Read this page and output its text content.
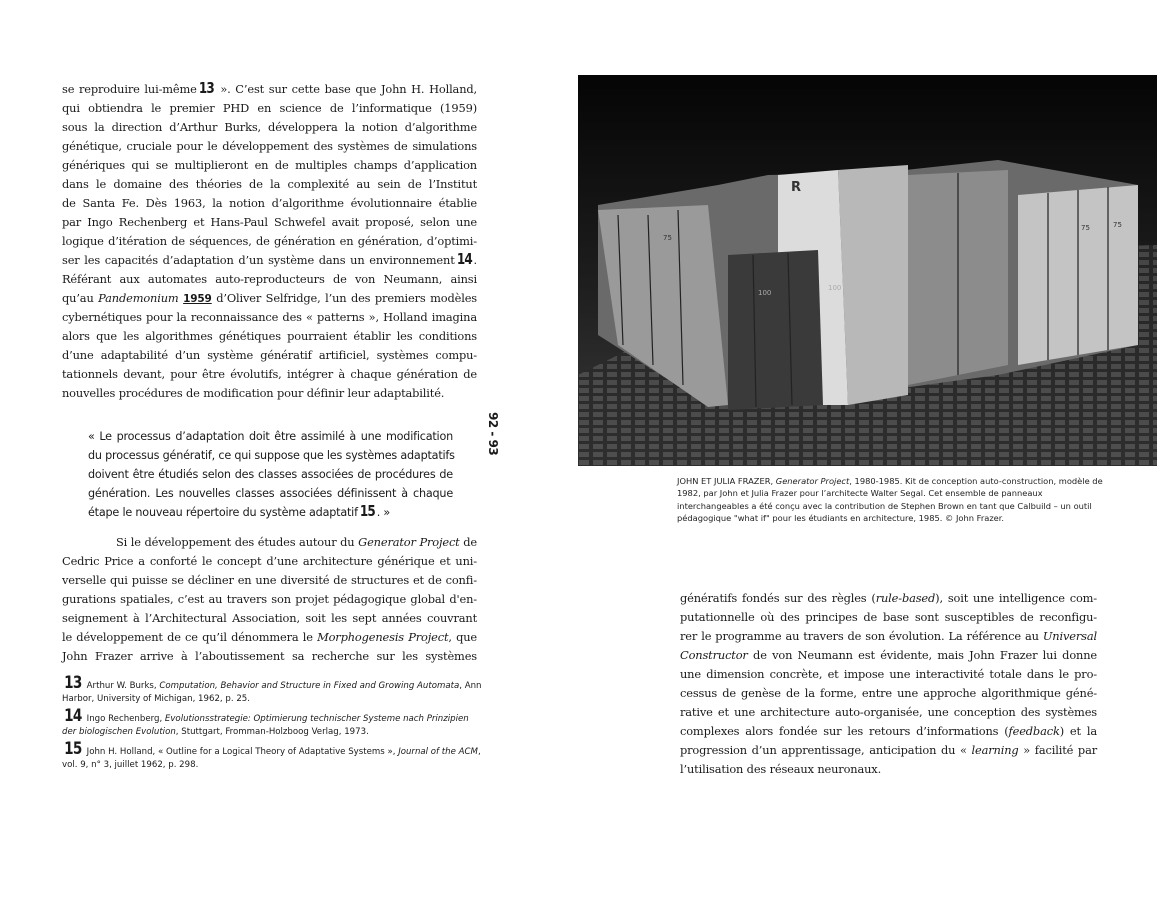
se reproduire lui-même 13 ». C’est sur cette base que John H. Holland,
qui obtiendra le premier PHD en science de l’informatique (1959)
sous la direction d’Arthur Burks, développera la notion d’algorithme
génétique, cruciale pour le développement des systèmes de simulations
génériques qui se multiplieront en de multiples champs d’application
dans le domaine des théories de la complexité au sein de l’Institut
de Santa Fe. Dès 1963, la notion d’algorithme évolutionnaire établie
par Ingo Rechenberg et Hans-Paul Schwefel avait proposé, selon une
logique d’itération de séquences, de génération en génération, d’optimi-
ser les capacités d’adaptation d’un système dans un environnement 14 .
Référant aux automates auto-reproducteurs de von Neumann, ainsi
qu’au Pandemonium 1959 d’Oliver Selfridge, l’un des premiers modèles
cybernétiques pour la reconnaissance des « patterns », Holland imagina
alors que les algorithmes génétiques pourraient établir les conditions
d’une adaptabilité d’un système génératif artificiel, systèmes compu-
tationnels devant, pour être évolutifs, intégrer à chaque génération de
nouvelles procédures de modification pour définir leur adaptabilité.
« Le processus d’adaptation doit être assimilé à une modification
du processus génératif, ce qui suppose que les systèmes adaptatifs
doivent être étudiés selon des classes associées de procédures de
génération. Les nouvelles classes associées définissent à chaque
étape le nouveau répertoire du système adaptatif 15 . »
Si le développement des études autour du Generator Project de
Cedric Price a conforté le concept d’une architecture générique et uni-
verselle qui puisse se décliner en une diversité de structures et de confi-
gurations spatiales, c’est au travers son projet pédagogique global d'en-
seignement à l’Architectural Association, soit les sept années couvrant
le développement de ce qu’il dénommera le Morphogenesis Project, que
John Frazer arrive à l’aboutissement sa recherche sur les systèmes
13 Arthur W. Burks, Computation, Behavior and Structure in Fixed and Growing Automata, Ann Harbor, University of Michigan, 1962, p. 25.
14 Ingo Rechenberg, Evolutionsstrategie: Optimierung technischer Systeme nach Prinzipien der biologischen Evolution, Stuttgart, Fromman-Holzboog Verlag, 1973.
15 John H. Holland, « Outline for a Logical Theory of Adaptative Systems », Journal of the ACM, vol. 9, n° 3, juillet 1962, p. 298.
92 - 93
R
75
75
100
100
75
JOHN ET JULIA FRAZER, Generator Project, 1980-1985. Kit de conception auto-construction, modèle de 1982, par John et Julia Frazer pour l’architecte Walter Segal. Cet ensemble de panneaux interchangeables a été conçu avec la contribution de Stephen Brown en tant que Calbuild – un outil pédagogique "what if" pour les étudiants en architecture, 1985. © John Frazer.
génératifs fondés sur des règles (rule-based), soit une intelligence com-
putationnelle où des principes de base sont susceptibles de reconfigu-
rer le programme au travers de son évolution. La référence au Universal
Constructor de von Neumann est évidente, mais John Frazer lui donne
une dimension concrète, et impose une interactivité totale dans le pro-
cessus de genèse de la forme, entre une approche algorithmique géné-
rative et une architecture auto-organisée, une conception des systèmes
complexes alors fondée sur les retours d’informations (feedback) et la
progression d’un apprentissage, anticipation du « learning » facilité par
l’utilisation des réseaux neuronaux.
